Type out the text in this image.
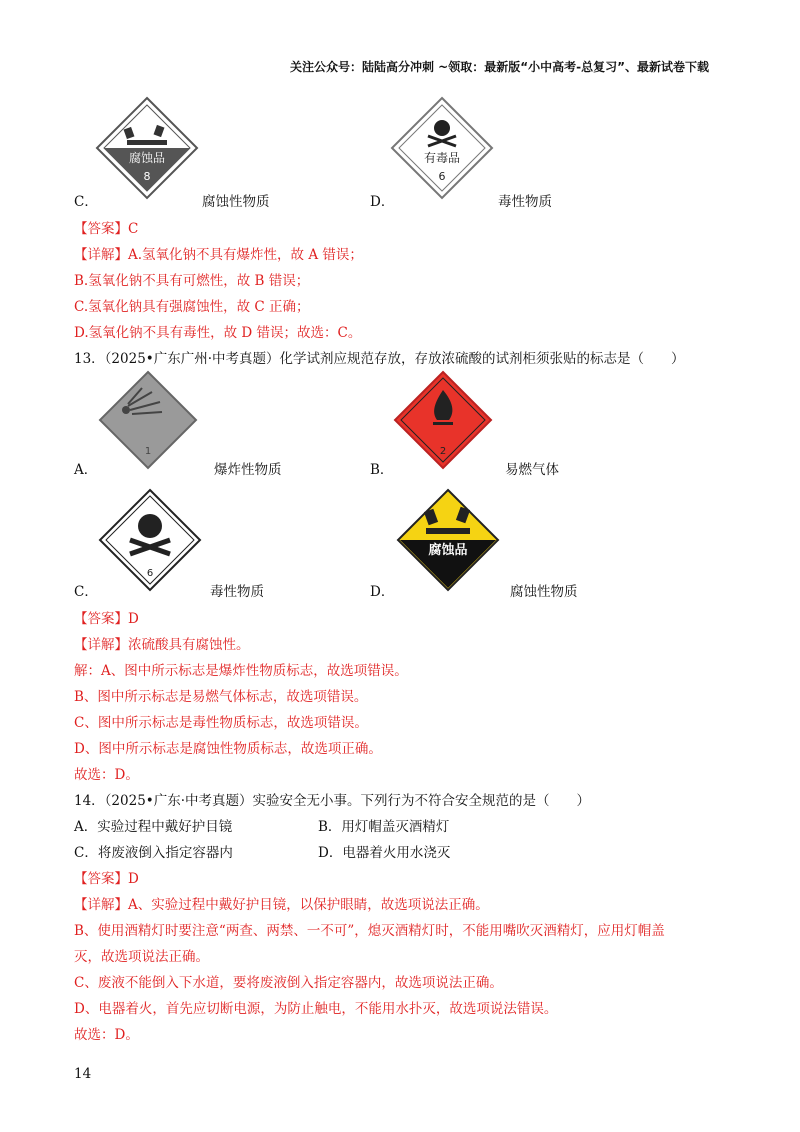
关注公众号：陆陆高分冲刺 ~领取：最新版“小中高考-总复习”、最新试卷下载
腐蚀品
8
C．	腐蚀性物质
有毒品
6
D．	毒性物质
【答案】C
【详解】A.氢氧化钠不具有爆炸性，故 A 错误；
B.氢氧化钠不具有可燃性，故 B 错误；
C.氢氧化钠具有强腐蚀性，故 C 正确；
D.氢氧化钠不具有毒性，故 D 错误；故选：C。
13．（2025•广东广州·中考真题）化学试剂应规范存放，存放浓硫酸的试剂柜须张贴的标志是（　　）
1
A．	爆炸性物质
2
B．	易燃气体
6
C．	毒性物质
腐蚀品
D．	腐蚀性物质
【答案】D
【详解】浓硫酸具有腐蚀性。
解：A、图中所示标志是爆炸性物质标志，故选项错误。
B、图中所示标志是易燃气体标志，故选项错误。
C、图中所示标志是毒性物质标志，故选项错误。
D、图中所示标志是腐蚀性物质标志，故选项正确。
故选：D。
14．（2025•广东·中考真题）实验安全无小事。下列行为不符合安全规范的是（　　）
A．实验过程中戴好护目镜	B．用灯帽盖灭酒精灯
C．将废液倒入指定容器内	D．电器着火用水浇灭
【答案】D
【详解】A、实验过程中戴好护目镜，以保护眼睛，故选项说法正确。
B、使用酒精灯时要注意“两查、两禁、一不可”，熄灭酒精灯时，不能用嘴吹灭酒精灯，应用灯帽盖
灭，故选项说法正确。
C、废液不能倒入下水道，要将废液倒入指定容器内，故选项说法正确。
D、电器着火，首先应切断电源，为防止触电，不能用水扑灭，故选项说法错误。
故选：D。
14
